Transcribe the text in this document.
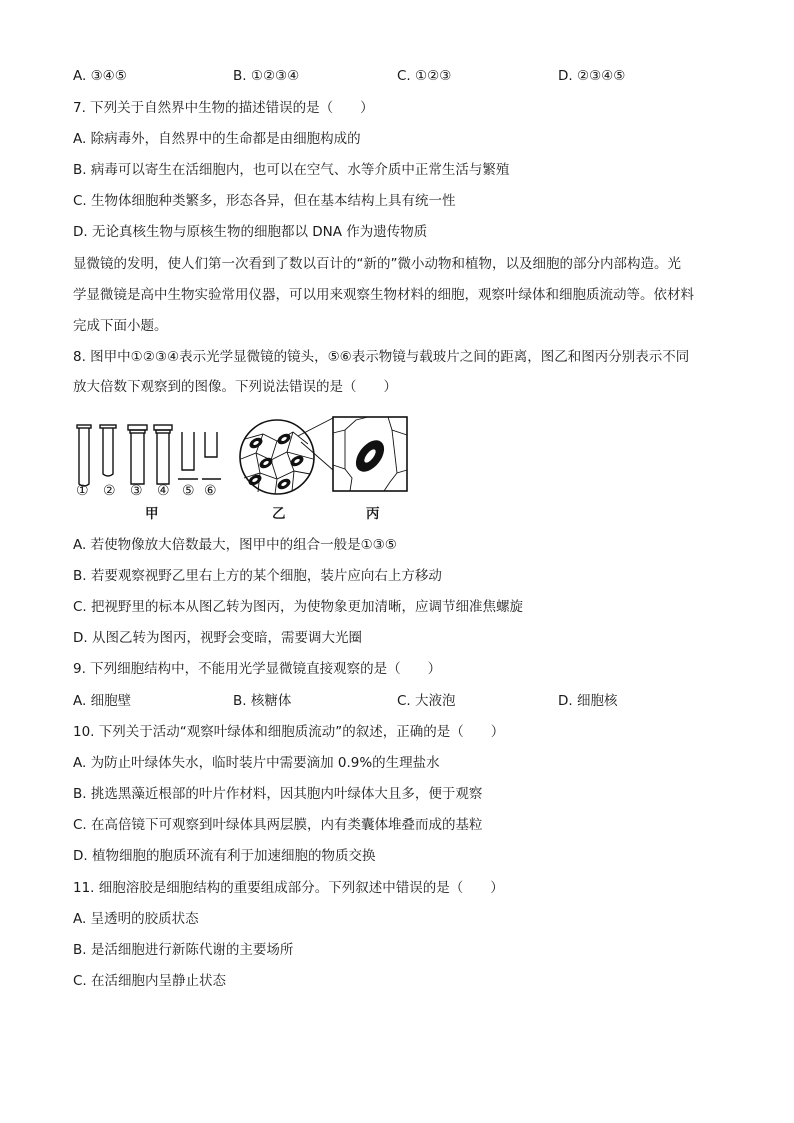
A. ③④⑤	B. ①②③④	C. ①②③	D. ②③④⑤
7. 下列关于自然界中生物的描述错误的是（　　）
A. 除病毒外，自然界中的生命都是由细胞构成的
B. 病毒可以寄生在活细胞内，也可以在空气、水等介质中正常生活与繁殖
C. 生物体细胞种类繁多，形态各异，但在基本结构上具有统一性
D. 无论真核生物与原核生物的细胞都以 DNA 作为遗传物质
显微镜的发明，使人们第一次看到了数以百计的“新的”微小动物和植物，以及细胞的部分内部构造。光
学显微镜是高中生物实验常用仪器，可以用来观察生物材料的细胞，观察叶绿体和细胞质流动等。依材料
完成下面小题。
8. 图甲中①②③④表示光学显微镜的镜头，⑤⑥表示物镜与载玻片之间的距离，图乙和图丙分别表示不同
放大倍数下观察到的图像。下列说法错误的是（　　）
① ② ③ ④ ⑤ ⑥
甲	乙	丙
A. 若使物像放大倍数最大，图甲中的组合一般是①③⑤
B. 若要观察视野乙里右上方的某个细胞，装片应向右上方移动
C. 把视野里的标本从图乙转为图丙，为使物象更加清晰，应调节细准焦螺旋
D. 从图乙转为图丙，视野会变暗，需要调大光圈
9. 下列细胞结构中，不能用光学显微镜直接观察的是（　　）
A. 细胞壁	B. 核糖体	C. 大液泡	D. 细胞核
10. 下列关于活动“观察叶绿体和细胞质流动”的叙述，正确的是（　　）
A. 为防止叶绿体失水，临时装片中需要滴加 0.9%的生理盐水
B. 挑选黑藻近根部的叶片作材料，因其胞内叶绿体大且多，便于观察
C. 在高倍镜下可观察到叶绿体具两层膜，内有类囊体堆叠而成的基粒
D. 植物细胞的胞质环流有利于加速细胞的物质交换
11. 细胞溶胶是细胞结构的重要组成部分。下列叙述中错误的是（　　）
A. 呈透明的胶质状态
B. 是活细胞进行新陈代谢的主要场所
C. 在活细胞内呈静止状态
